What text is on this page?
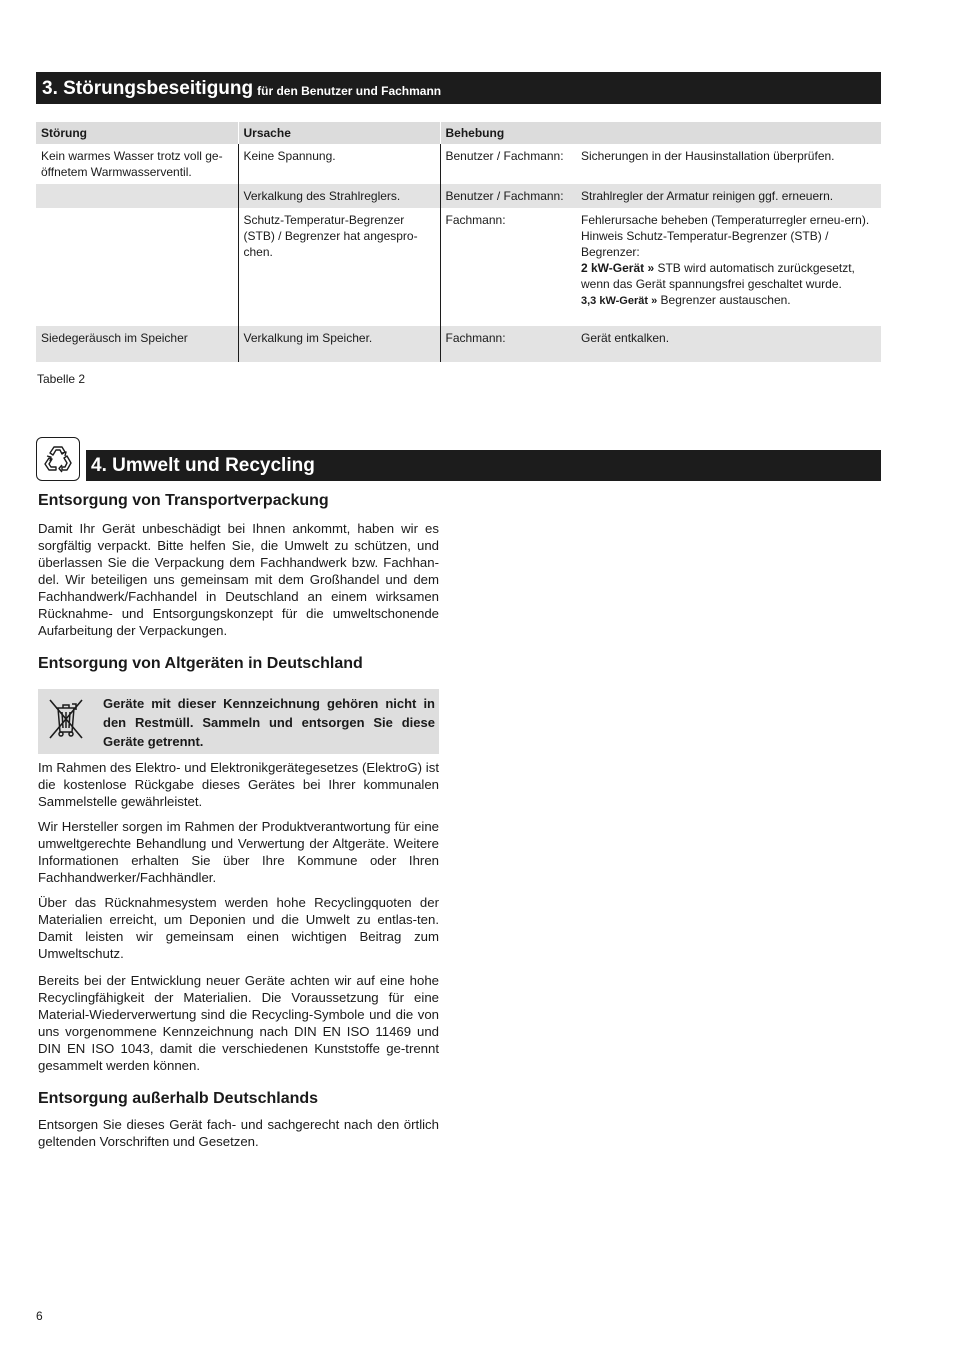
3. Störungsbeseitigung für den Benutzer und Fachmann
Störung	Ursache	Behebung	
Kein warmes Wasser trotz voll ge-öffnetem Warmwasserventil.	Keine Spannung.	Benutzer / Fachmann:	Sicherungen in der Hausinstallation überprüfen.
	Verkalkung des Strahlreglers.	Benutzer / Fachmann:	Strahlregler der Armatur reinigen ggf. erneuern.
	Schutz-Temperatur-Begrenzer (STB) / Begrenzer hat angespro-chen.	Fachmann:	Fehlerursache beheben (Temperaturregler erneu-ern).
Hinweis Schutz-Temperatur-Begrenzer (STB) / Begrenzer:
2 kW-Gerät » STB wird automatisch zurückgesetzt, wenn das Gerät spannungsfrei geschaltet wurde.
3,3 kW-Gerät » Begrenzer austauschen.

Siedegeräusch im Speicher	Verkalkung im Speicher.	Fachmann:	Gerät entkalken.
Tabelle 2
4. Umwelt und Recycling
Entsorgung von Transportverpackung

Damit Ihr Gerät unbeschädigt bei Ihnen ankommt, haben wir es sorgfältig verpackt. Bitte helfen Sie, die Umwelt zu schützen, und überlassen Sie die Verpackung dem Fachhandwerk bzw. Fachhan-del. Wir beteiligen uns gemeinsam mit dem Großhandel und dem Fachhandwerk/Fachhandel in Deutschland an einem wirksamen Rücknahme- und Entsorgungskonzept für die umweltschonende Aufarbeitung der Verpackungen.

Entsorgung von Altgeräten in Deutschland
Geräte mit dieser Kennzeichnung gehören nicht in den Restmüll. Sammeln und entsorgen Sie diese Geräte getrennt.

Im Rahmen des Elektro- und Elektronikgerätegesetzes (ElektroG) ist die kostenlose Rückgabe dieses Gerätes bei Ihrer kommunalen Sammelstelle gewährleistet.

Wir Hersteller sorgen im Rahmen der Produktverantwortung für eine umweltgerechte Behandlung und Verwertung der Altgeräte. Weitere Informationen erhalten Sie über Ihre Kommune oder Ihren Fachhandwerker/Fachhändler.

Über das Rücknahmesystem werden hohe Recyclingquoten der Materialien erreicht, um Deponien und die Umwelt zu entlas-ten. Damit leisten wir gemeinsam einen wichtigen Beitrag zum Umweltschutz.

Bereits bei der Entwicklung neuer Geräte achten wir auf eine hohe Recyclingfähigkeit der Materialien. Die Voraussetzung für eine Material-Wiederverwertung sind die Recycling-Symbole und die von uns vorgenommene Kennzeichnung nach DIN EN ISO 11469 und DIN EN ISO 1043, damit die verschiedenen Kunststoffe ge-trennt gesammelt werden können.

Entsorgung außerhalb Deutschlands

Entsorgen Sie dieses Gerät fach- und sachgerecht nach den örtlich geltenden Vorschriften und Gesetzen.

6
